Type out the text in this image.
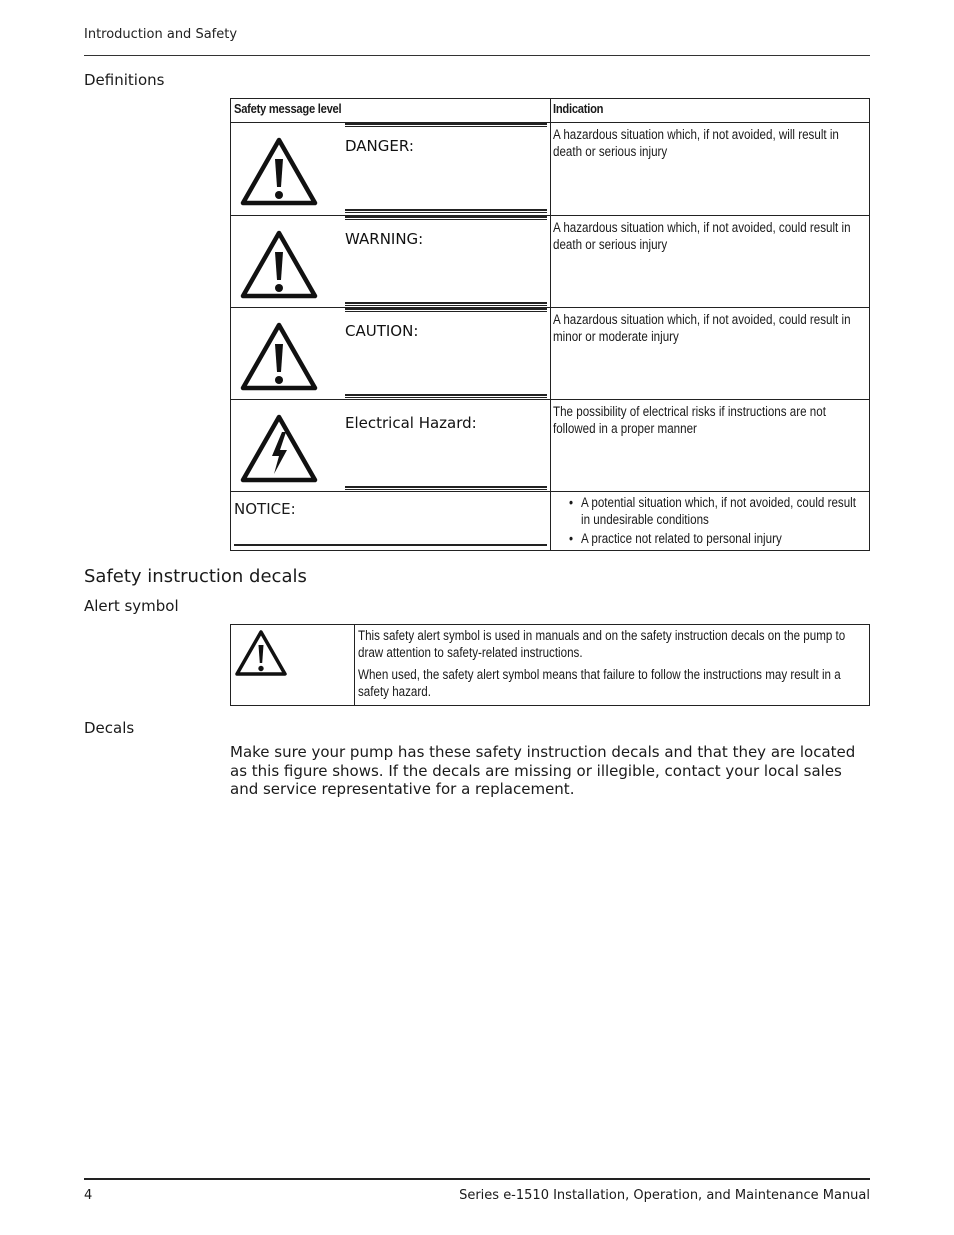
Introduction and Safety
Definitions
Safety message level	Indication
DANGER:
A hazardous situation which, if not avoided, will result in death or serious injury
WARNING:
A hazardous situation which, if not avoided, could result in death or serious injury
CAUTION:
A hazardous situation which, if not avoided, could result in minor or moderate injury
Electrical Hazard:
The possibility of electrical risks if instructions are not followed in a proper manner
NOTICE:
•	A potential situation which, if not avoided, could result in undesirable conditions
• A practice not related to personal injury
Safety instruction decals
Alert symbol

This safety alert symbol is used in manuals and on the safety instruction decals on the pump to draw attention to safety-related instructions.

When used, the safety alert symbol means that failure to follow the instructions may result in a safety hazard.

Decals
Make sure your pump has these safety instruction decals and that they are located as this figure shows. If the decals are missing or illegible, contact your local sales and service representative for a replacement.
4	Series e-1510 Installation, Operation, and Maintenance Manual
